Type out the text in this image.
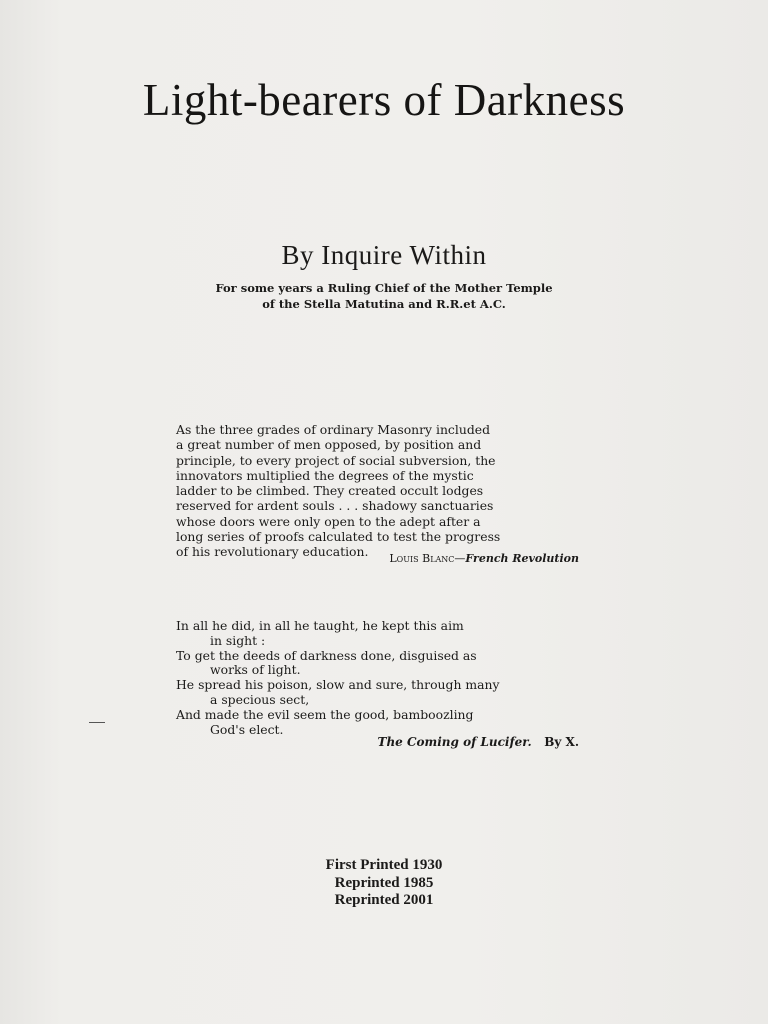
Light-bearers of Darkness
By Inquire Within
For some years a Ruling Chief of the Mother Temple
of the Stella Matutina and R.R.et A.C.
As the three grades of ordinary Masonry included
a great number of men opposed, by position and
principle, to every project of social subversion, the
innovators multiplied the degrees of the mystic
ladder to be climbed. They created occult lodges
reserved for ardent souls . . . shadowy sanctuaries
whose doors were only open to the adept after a
long series of proofs calculated to test the progress
of his revolutionary education.	Louis Blanc—French Revolution
In all he did, in all he taught, he kept this aim
in sight :
To get the deeds of darkness done, disguised as
works of light.
He spread his poison, slow and sure, through many
a specious sect,
And made the evil seem the good, bamboozling
God's elect.
The Coming of Lucifer. By X.
First Printed 1930
Reprinted 1985
Reprinted 2001
